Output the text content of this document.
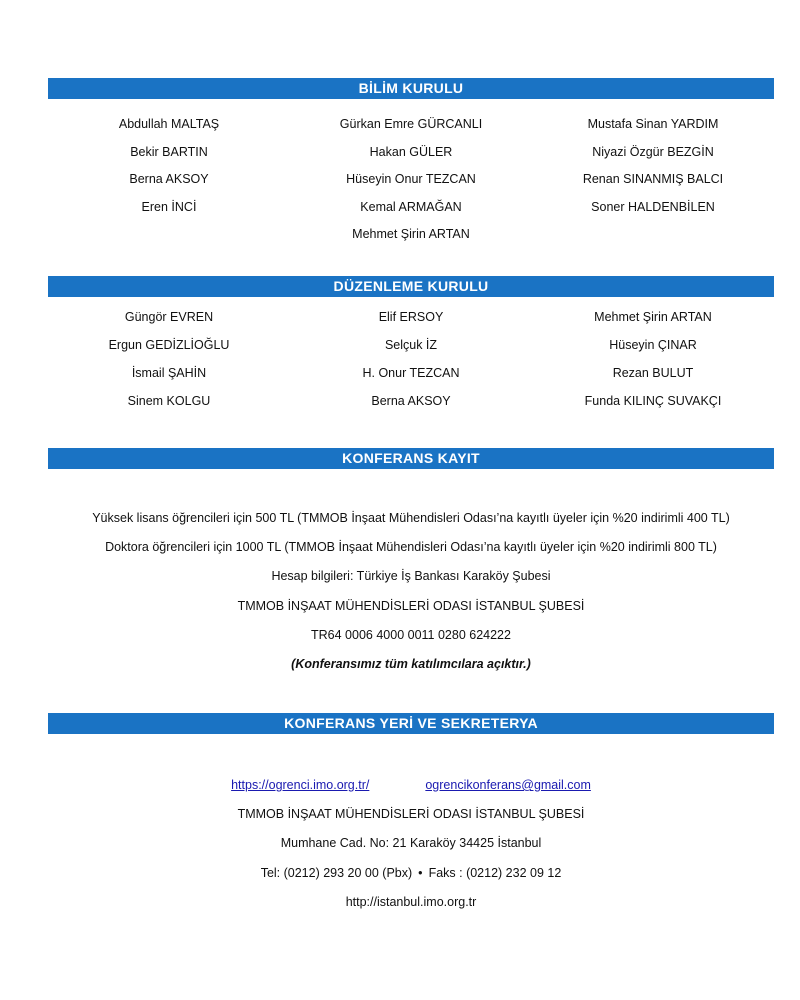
BİLİM KURULU
Abdullah MALTAŞ
Bekir BARTIN
Berna AKSOY
Eren İNCİ
Gürkan Emre GÜRCANLI
Hakan GÜLER
Hüseyin Onur TEZCAN
Kemal ARMAĞAN
Mehmet Şirin ARTAN
Mustafa Sinan YARDIM
Niyazi Özgür BEZGİN
Renan SINANMIŞ BALCI
Soner HALDENBİLEN
DÜZENLEME KURULU
Güngör EVREN
Ergun GEDİZLİOĞLU
İsmail ŞAHİN
Sinem KOLGU
Elif ERSOY
Selçuk İZ
H. Onur TEZCAN
Berna AKSOY
Mehmet Şirin ARTAN
Hüseyin ÇINAR
Rezan BULUT
Funda KILINÇ SUVAKÇI
KONFERANS KAYIT
Yüksek lisans öğrencileri için 500 TL (TMMOB İnşaat Mühendisleri Odası’na kayıtlı üyeler için %20 indirimli 400 TL)
Doktora öğrencileri için 1000 TL (TMMOB İnşaat Mühendisleri Odası’na kayıtlı üyeler için %20 indirimli 800 TL)
Hesap bilgileri: Türkiye İş Bankası Karaköy Şubesi
TMMOB İNŞAAT MÜHENDİSLERİ ODASI İSTANBUL ŞUBESİ
TR64 0006 4000 0011 0280 624222
(Konferansımız tüm katılımcılara açıktır.)
KONFERANS YERİ VE SEKRETERYA
https://ogrenci.imo.org.tr/	ogrencikonferans@gmail.com
TMMOB İNŞAAT MÜHENDİSLERİ ODASI İSTANBUL ŞUBESİ
Mumhane Cad. No: 21 Karaköy 34425 İstanbul
Tel: (0212) 293 20 00 (Pbx) • Faks : (0212) 232 09 12
http://istanbul.imo.org.tr
